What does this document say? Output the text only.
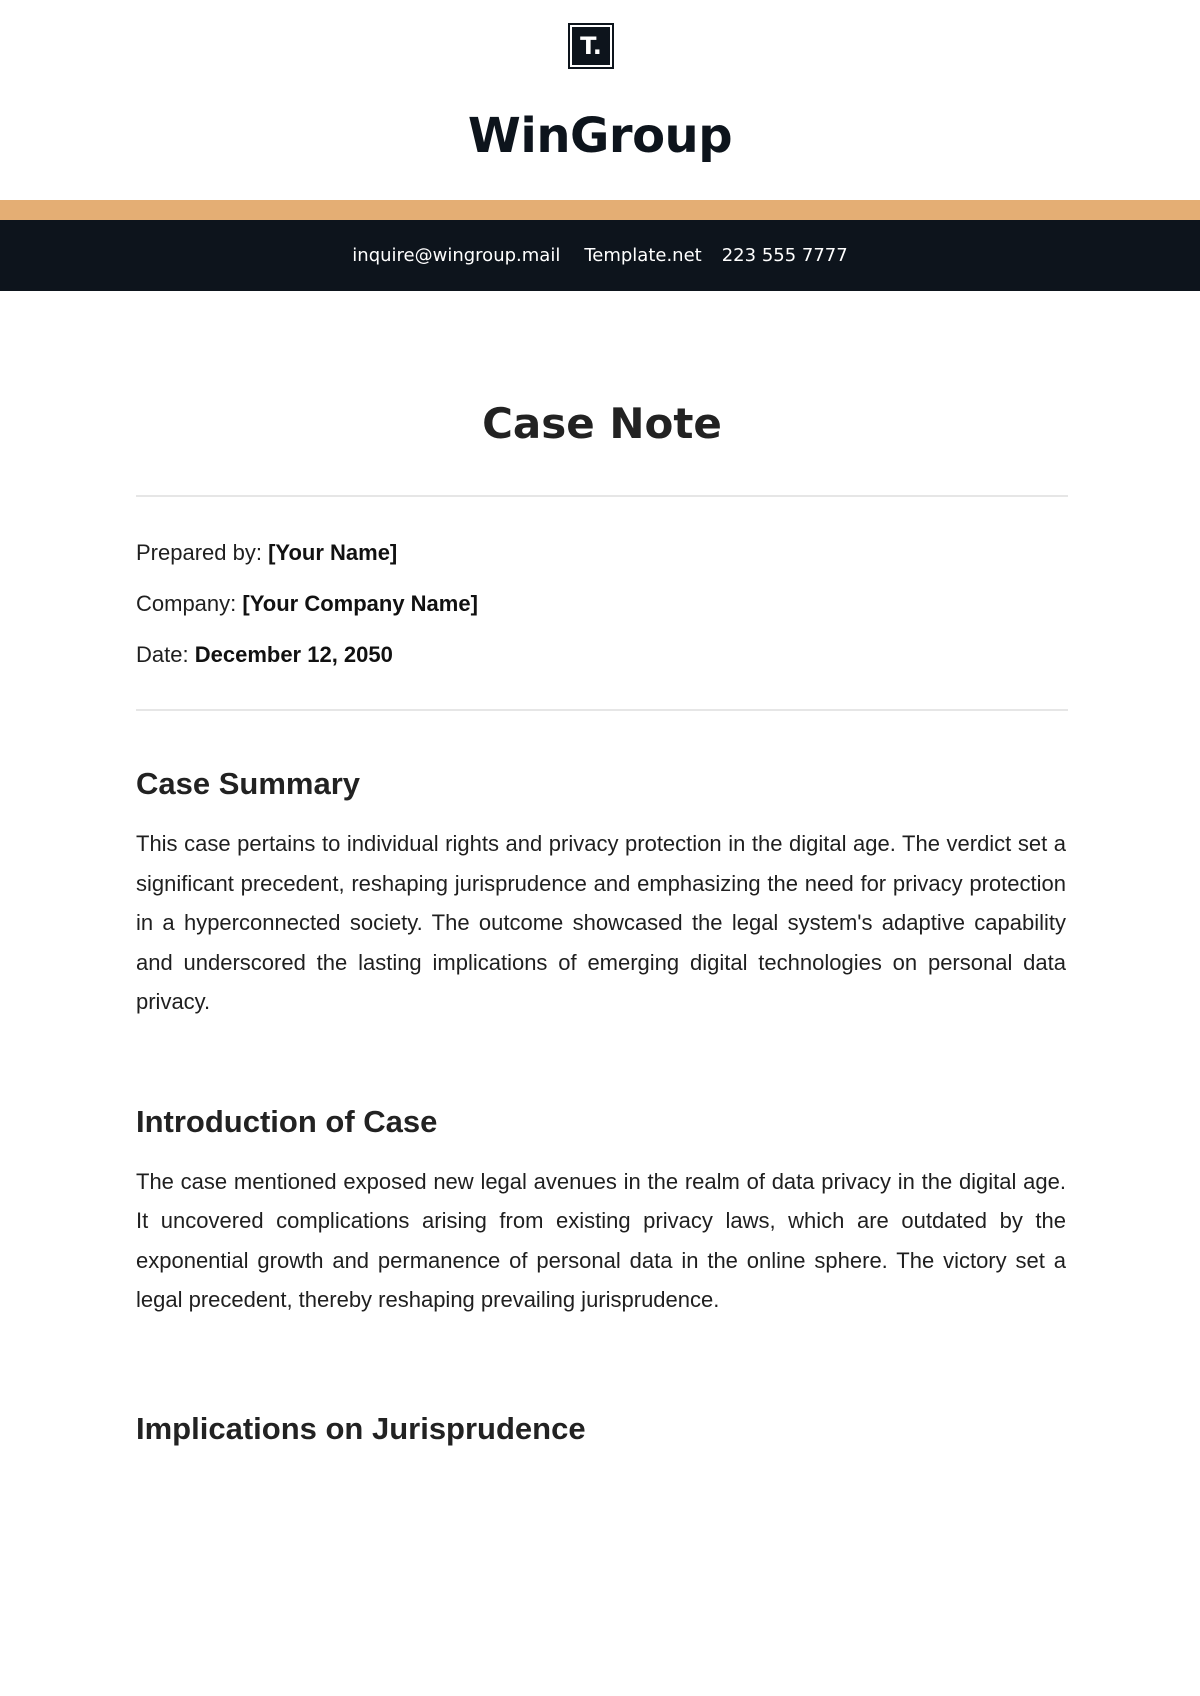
T.
WinGroup
inquire@wingroup.mail Template.net 223 555 7777
Case Note

Prepared by: [Your Name]

Company: [Your Company Name]

Date: December 12, 2050

Case Summary

This case pertains to individual rights and privacy protection in the digital age. The verdict set a significant precedent, reshaping jurisprudence and emphasizing the need for privacy protection in a hyperconnected society. The outcome showcased the legal system's adaptive capability and underscored the lasting implications of emerging digital technologies on personal data privacy.

Introduction of Case

The case mentioned exposed new legal avenues in the realm of data privacy in the digital age. It uncovered complications arising from existing privacy laws, which are outdated by the exponential growth and permanence of personal data in the online sphere. The victory set a legal precedent, thereby reshaping prevailing jurisprudence.

Implications on Jurisprudence
